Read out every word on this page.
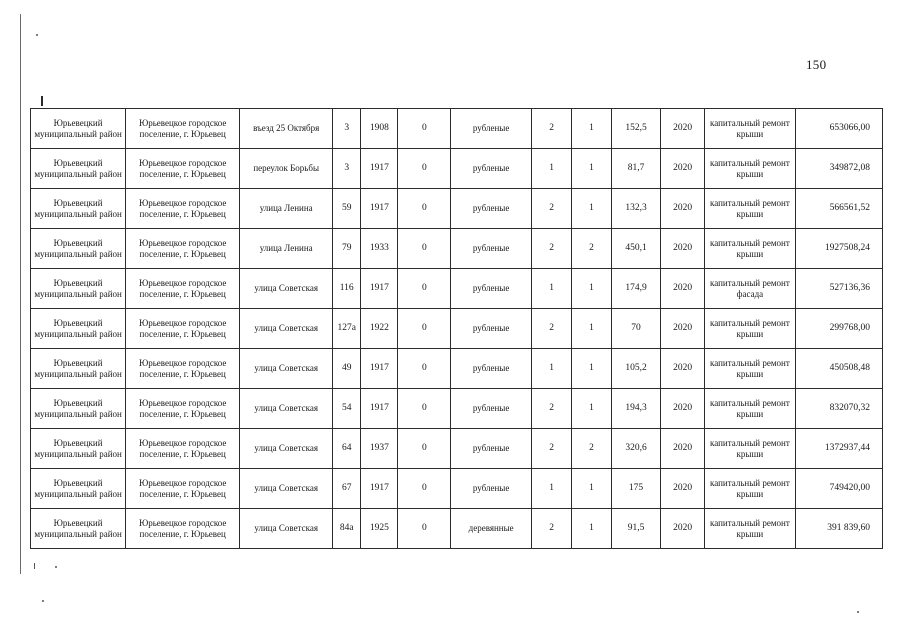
150
Юрьевецкий муниципальный район	Юрьевецкое городское поселение, г. Юрьевец	въезд 25 Октября	3	1908	0	рубленые	2	1	152,5	2020	капитальный ремонт крыши	653066,00
Юрьевецкий муниципальный район	Юрьевецкое городское поселение, г. Юрьевец	переулок Борьбы	3	1917	0	рубленые	1	1	81,7	2020	капитальный ремонт крыши	349872,08
Юрьевецкий муниципальный район	Юрьевецкое городское поселение, г. Юрьевец	улица Ленина	59	1917	0	рубленые	2	1	132,3	2020	капитальный ремонт крыши	566561,52
Юрьевецкий муниципальный район	Юрьевецкое городское поселение, г. Юрьевец	улица Ленина	79	1933	0	рубленые	2	2	450,1	2020	капитальный ремонт крыши	1927508,24
Юрьевецкий муниципальный район	Юрьевецкое городское поселение, г. Юрьевец	улица Советская	116	1917	0	рубленые	1	1	174,9	2020	капитальный ремонт фасада	527136,36
Юрьевецкий муниципальный район	Юрьевецкое городское поселение, г. Юрьевец	улица Советская	127а	1922	0	рубленые	2	1	70	2020	капитальный ремонт крыши	299768,00
Юрьевецкий муниципальный район	Юрьевецкое городское поселение, г. Юрьевец	улица Советская	49	1917	0	рубленые	1	1	105,2	2020	капитальный ремонт крыши	450508,48
Юрьевецкий муниципальный район	Юрьевецкое городское поселение, г. Юрьевец	улица Советская	54	1917	0	рубленые	2	1	194,3	2020	капитальный ремонт крыши	832070,32
Юрьевецкий муниципальный район	Юрьевецкое городское поселение, г. Юрьевец	улица Советская	64	1937	0	рубленые	2	2	320,6	2020	капитальный ремонт крыши	1372937,44
Юрьевецкий муниципальный район	Юрьевецкое городское поселение, г. Юрьевец	улица Советская	67	1917	0	рубленые	1	1	175	2020	капитальный ремонт крыши	749420,00
Юрьевецкий муниципальный район	Юрьевецкое городское поселение, г. Юрьевец	улица Советская	84а	1925	0	деревянные	2	1	91,5	2020	капитальный ремонт крыши	391 839,60
